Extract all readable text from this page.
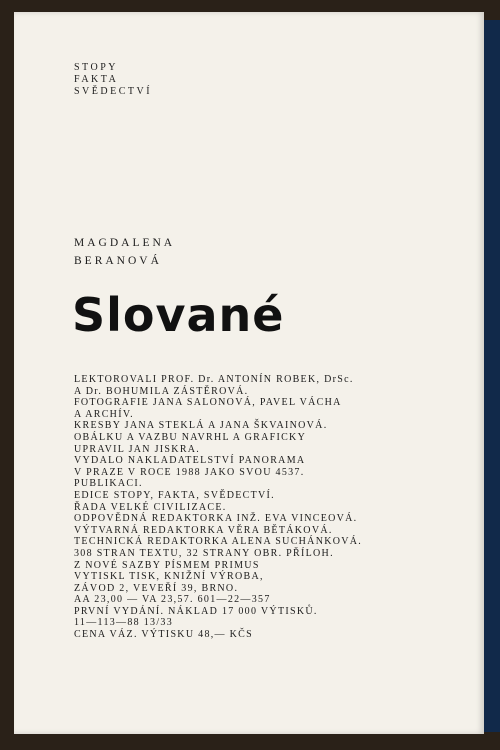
STOPY
FAKTA
SVĚDECTVÍ
MAGDALENA
BERANOVÁ
Slované
LEKTOROVALI PROF. Dr. ANTONÍN ROBEK, DrSc.
A Dr. BOHUMILA ZÁSTĚROVÁ.
FOTOGRAFIE JANA SALONOVÁ, PAVEL VÁCHA
A ARCHÍV.
KRESBY JANA STEKLÁ A JANA ŠKVAINOVÁ.
OBÁLKU A VAZBU NAVRHL A GRAFICKY
UPRAVIL JAN JISKRA.
VYDALO NAKLADATELSTVÍ PANORAMA
V PRAZE V ROCE 1988 JAKO SVOU 4537.
PUBLIKACI.
EDICE STOPY, FAKTA, SVĚDECTVÍ.
ŘADA VELKÉ CIVILIZACE.
ODPOVĚDNÁ REDAKTORKA INŽ. EVA VINCEOVÁ.
VÝTVARNÁ REDAKTORKA VĚRA BĚTÁKOVÁ.
TECHNICKÁ REDAKTORKA ALENA SUCHÁNKOVÁ.
308 STRAN TEXTU, 32 STRANY OBR. PŘÍLOH.
Z NOVÉ SAZBY PÍSMEM PRIMUS
VYTISKL TISK, KNIŽNÍ VÝROBA,
ZÁVOD 2, VEVEŘÍ 39, BRNO.
AA 23,00 — VA 23,57. 601—22—357
PRVNÍ VYDÁNÍ. NÁKLAD 17 000 VÝTISKŮ.
11—113—88 13/33
CENA VÁZ. VÝTISKU 48,— KČS
